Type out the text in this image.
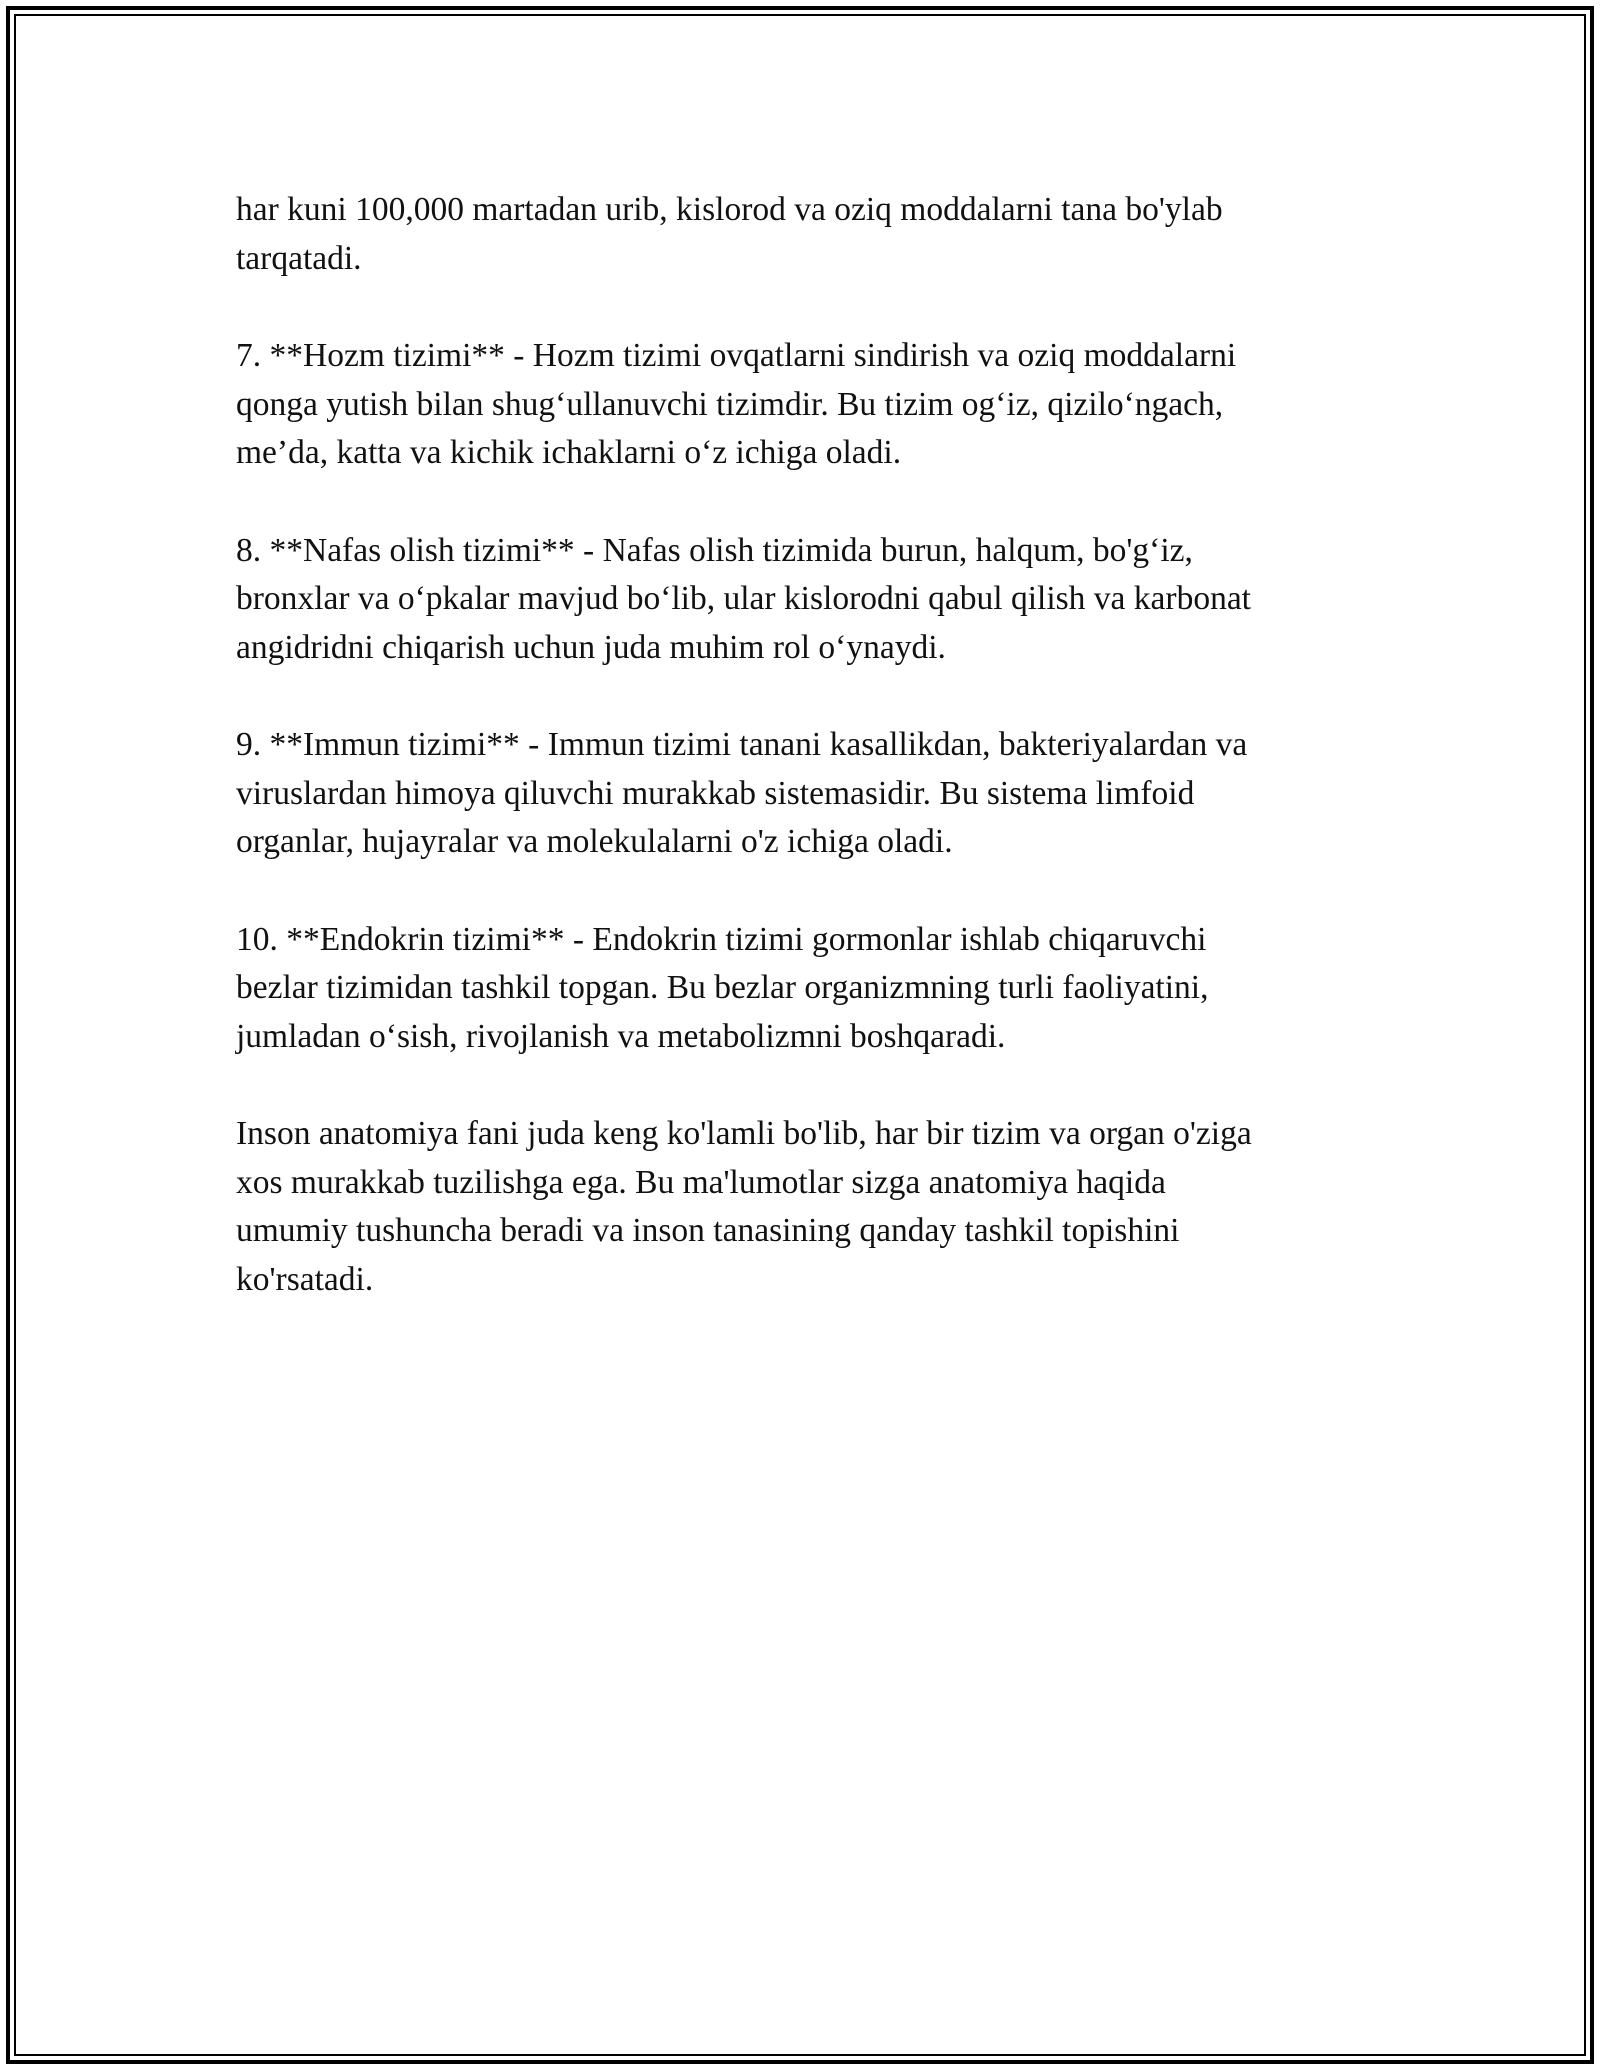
har kuni 100,000 martadan urib, kislorod va oziq moddalarni tana bo'ylab
tarqatadi.

7. **Hozm tizimi** - Hozm tizimi ovqatlarni sindirish va oziq moddalarni
qonga yutish bilan shug‘ullanuvchi tizimdir. Bu tizim og‘iz, qizilo‘ngach,
me’da, katta va kichik ichaklarni o‘z ichiga oladi.

8. **Nafas olish tizimi** - Nafas olish tizimida burun, halqum, bo'g‘iz,
bronxlar va o‘pkalar mavjud bo‘lib, ular kislorodni qabul qilish va karbonat
angidridni chiqarish uchun juda muhim rol o‘ynaydi.

9. **Immun tizimi** - Immun tizimi tanani kasallikdan, bakteriyalardan va
viruslardan himoya qiluvchi murakkab sistemasidir. Bu sistema limfoid
organlar, hujayralar va molekulalarni o'z ichiga oladi.

10. **Endokrin tizimi** - Endokrin tizimi gormonlar ishlab chiqaruvchi
bezlar tizimidan tashkil topgan. Bu bezlar organizmning turli faoliyatini,
jumladan o‘sish, rivojlanish va metabolizmni boshqaradi.

Inson anatomiya fani juda keng ko'lamli bo'lib, har bir tizim va organ o'ziga
xos murakkab tuzilishga ega. Bu ma'lumotlar sizga anatomiya haqida
umumiy tushuncha beradi va inson tanasining qanday tashkil topishini
ko'rsatadi.
